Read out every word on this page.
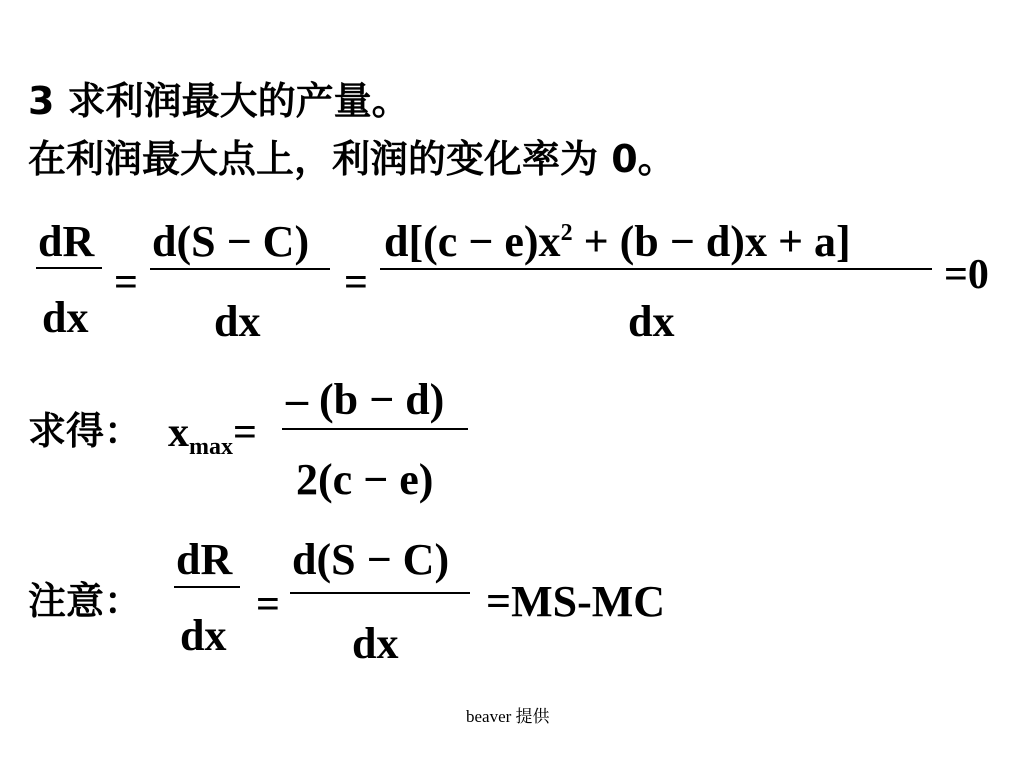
3 求利润最大的产量。
在利润最大点上，利润的变化率为 0。
dR
dx
=
d(S − C)
dx
=
$d[(c - e)x^2 + (b - d)x + a]$
dx
=0
求得： $x_{max}=$
– (b − d)
2(c − e)
注意：
dR
dx
=
d(S − C)
dx
=MS-MC
beaver 提供
